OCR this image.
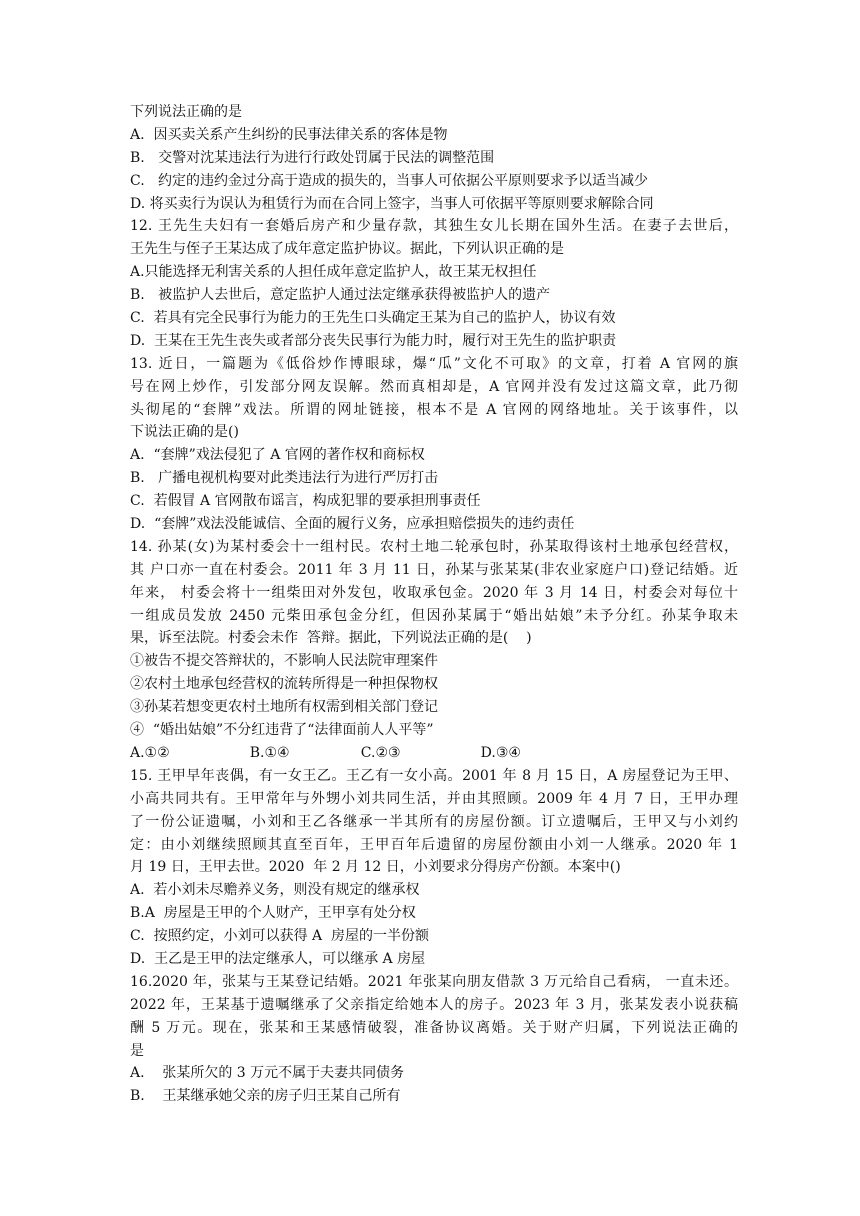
下列说法正确的是
A.  因买卖关系产生纠纷的民事法律关系的客体是物
B.   交警对沈某违法行为进行行政处罚属于民法的调整范围
C.   约定的违约金过分高于造成的损失的，当事人可依据公平原则要求予以适当减少
D. 将买卖行为误认为租赁行为而在合同上签字，当事人可依据平等原则要求解除合同
12. 王先生夫妇有一套婚后房产和少量存款，其独生女儿长期在国外生活。在妻子去世后，
王先生与侄子王某达成了成年意定监护协议。据此，下列认识正确的是
A.只能选择无利害关系的人担任成年意定监护人，故王某无权担任
B.   被监护人去世后，意定监护人通过法定继承获得被监护人的遗产
C.  若具有完全民事行为能力的王先生口头确定王某为自己的监护人，协议有效
D.  王某在王先生丧失或者部分丧失民事行为能力时，履行对王先生的监护职责
13. 近日，一篇题为《低俗炒作博眼球，爆“瓜”文化不可取》的文章，打着 A 官网的旗
号在网上炒作，引发部分网友误解。然而真相却是，A 官网并没有发过这篇文章，此乃彻
头彻尾的“套牌”戏法。所谓的网址链接，根本不是 A 官网的网络地址。关于该事件，以
下说法正确的是()
A.  “套牌”戏法侵犯了 A 官网的著作权和商标权
B.   广播电视机构要对此类违法行为进行严厉打击
C.  若假冒 A 官网散布谣言，构成犯罪的要承担刑事责任
D.  “套牌”戏法没能诚信、全面的履行义务，应承担赔偿损失的违约责任
14. 孙某(女)为某村委会十一组村民。农村土地二轮承包时，孙某取得该村土地承包经营权，
其 户口亦一直在村委会。2011 年 3 月 11 日，孙某与张某某(非农业家庭户口)登记结婚。近
年来， 村委会将十一组柴田对外发包，收取承包金。2020 年 3 月 14 日，村委会对每位十
一组成员发放 2450 元柴田承包金分红，但因孙某属于“婚出姑娘”未予分红。孙某争取未
果，诉至法院。村委会未作  答辩。据此，下列说法正确的是(    )
①被告不提交答辩状的，不影响人民法院审理案件
②农村土地承包经营权的流转所得是一种担保物权
③孙某若想变更农村土地所有权需到相关部门登记
④  “婚出姑娘”不分红违背了“法律面前人人平等”
A.①②                  B.①④                C.②③                  D.③④
15. 王甲早年丧偶，有一女王乙。王乙有一女小高。2001 年 8 月 15 日，A 房屋登记为王甲、
小高共同共有。王甲常年与外甥小刘共同生活，并由其照顾。2009 年 4 月 7 日，王甲办理
了一份公证遗嘱，小刘和王乙各继承一半其所有的房屋份额。订立遗嘱后，王甲又与小刘约
定：由小刘继续照顾其直至百年，王甲百年后遗留的房屋份额由小刘一人继承。2020 年 1
月 19 日，王甲去世。2020  年 2 月 12 日，小刘要求分得房产份额。本案中()
A.  若小刘未尽赡养义务，则没有规定的继承权
B.A  房屋是王甲的个人财产，王甲享有处分权
C.  按照约定，小刘可以获得 A  房屋的一半份额
D.  王乙是王甲的法定继承人，可以继承 A 房屋
16.2020 年，张某与王某登记结婚。2021 年张某向朋友借款 3 万元给自己看病， 一直未还。
2022 年，王某基于遗嘱继承了父亲指定给她本人的房子。2023 年 3 月，张某发表小说获稿
酬 5 万元。现在，张某和王某感情破裂，准备协议离婚。关于财产归属，下列说法正确的
是
A.    张某所欠的 3 万元不属于夫妻共同债务
B.    王某继承她父亲的房子归王某自己所有
